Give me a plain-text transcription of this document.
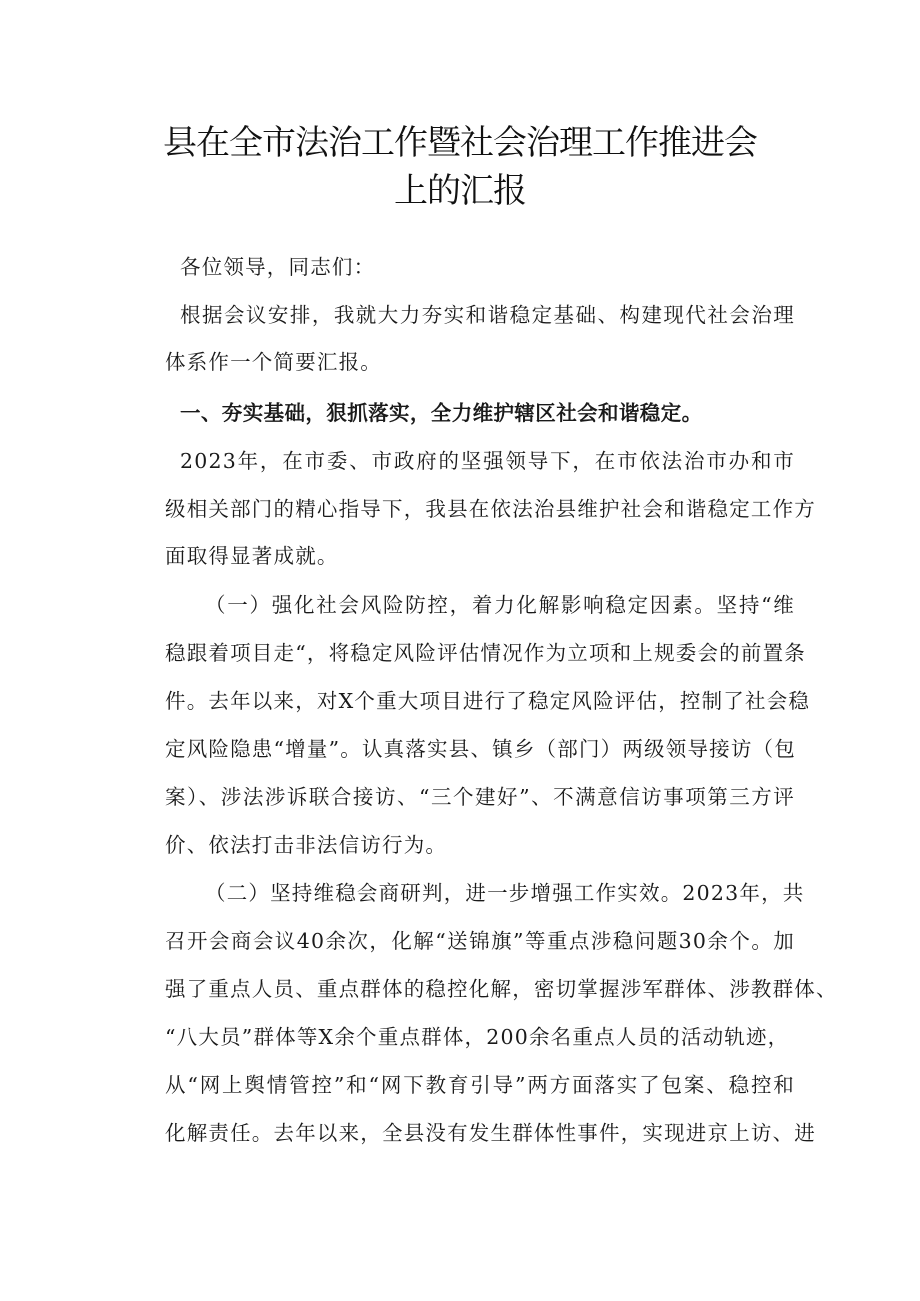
县在全市法治工作暨社会治理工作推进会
上的汇报
各位领导，同志们：
根据会议安排，我就大力夯实和谐稳定基础、构建现代社会治理
体系作一个简要汇报。
一、夯实基础，狠抓落实，全力维护辖区社会和谐稳定。
2023年，在市委、市政府的坚强领导下，在市依法治市办和市
级相关部门的精心指导下，我县在依法治县维护社会和谐稳定工作方
面取得显著成就。
（一）强化社会风险防控，着力化解影响稳定因素。坚持“维
稳跟着项目走“，将稳定风险评估情况作为立项和上规委会的前置条
件。去年以来，对X个重大项目进行了稳定风险评估，控制了社会稳
定风险隐患“增量”。认真落实县、镇乡（部门）两级领导接访（包
案）、涉法涉诉联合接访、“三个建好”、不满意信访事项第三方评
价、依法打击非法信访行为。
（二）坚持维稳会商研判，进一步增强工作实效。2023年，共
召开会商会议40余次，化解“送锦旗”等重点涉稳问题30余个。加
强了重点人员、重点群体的稳控化解，密切掌握涉军群体、涉教群体、
“八大员”群体等X余个重点群体，200余名重点人员的活动轨迹，
从“网上舆情管控”和“网下教育引导”两方面落实了包案、稳控和
化解责任。去年以来，全县没有发生群体性事件，实现进京上访、进
